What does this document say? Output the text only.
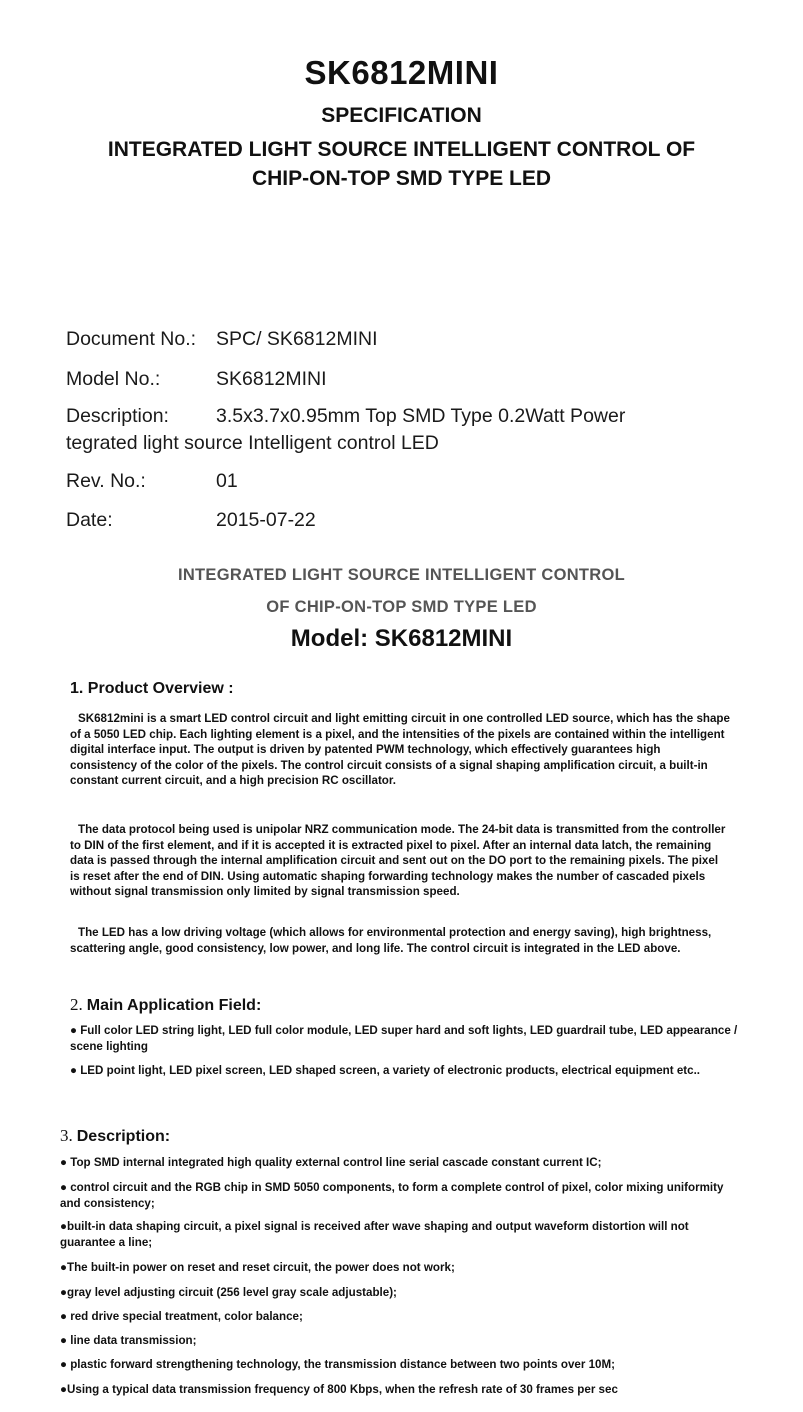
SK6812MINI
SPECIFICATION
INTEGRATED LIGHT SOURCE INTELLIGENT CONTROL OF
CHIP-ON-TOP SMD TYPE LED
Document No.: SPC/ SK6812MINI
Model No.:	SK6812MINI
Description: 3.5x3.7x0.95mm Top SMD Type 0.2Watt Power
tegrated light source Intelligent control LED
Rev. No.:	01
Date:	2015-07-22
INTEGRATED LIGHT SOURCE INTELLIGENT CONTROL
OF CHIP-ON-TOP SMD TYPE LED
Model: SK6812MINI
1. Product Overview :
SK6812mini is a smart LED control circuit and light emitting circuit in one controlled LED source, which has the shape of a 5050 LED chip. Each lighting element is a pixel, and the intensities of the pixels are contained within the intelligent digital interface input. The output is driven by patented PWM technology, which effectively guarantees high consistency of the color of the pixels. The control circuit consists of a signal shaping amplification circuit, a built-in constant current circuit, and a high precision RC oscillator.
The data protocol being used is unipolar NRZ communication mode. The 24-bit data is transmitted from the controller to DIN of the first element, and if it is accepted it is extracted pixel to pixel. After an internal data latch, the remaining data is passed through the internal amplification circuit and sent out on the DO port to the remaining pixels. The pixel is reset after the end of DIN. Using automatic shaping forwarding technology makes the number of cascaded pixels without signal transmission only limited by signal transmission speed.
The LED has a low driving voltage (which allows for environmental protection and energy saving), high brightness, scattering angle, good consistency, low power, and long life. The control circuit is integrated in the LED above.
2. Main Application Field:
● Full color LED string light, LED full color module, LED super hard and soft lights, LED guardrail tube, LED appearance / scene lighting
● LED point light, LED pixel screen, LED shaped screen, a variety of electronic products, electrical equipment etc..
3. Description:
● Top SMD internal integrated high quality external control line serial cascade constant current IC;
● control circuit and the RGB chip in SMD 5050 components, to form a complete control of pixel, color mixing uniformity and consistency;
●built-in data shaping circuit, a pixel signal is received after wave shaping and output waveform distortion will not guarantee a line;
●The built-in power on reset and reset circuit, the power does not work;
●gray level adjusting circuit (256 level gray scale adjustable);
● red drive special treatment, color balance;
● line data transmission;
● plastic forward strengthening technology, the transmission distance between two points over 10M;
●Using a typical data transmission frequency of 800 Kbps, when the refresh rate of 30 frames per sec
